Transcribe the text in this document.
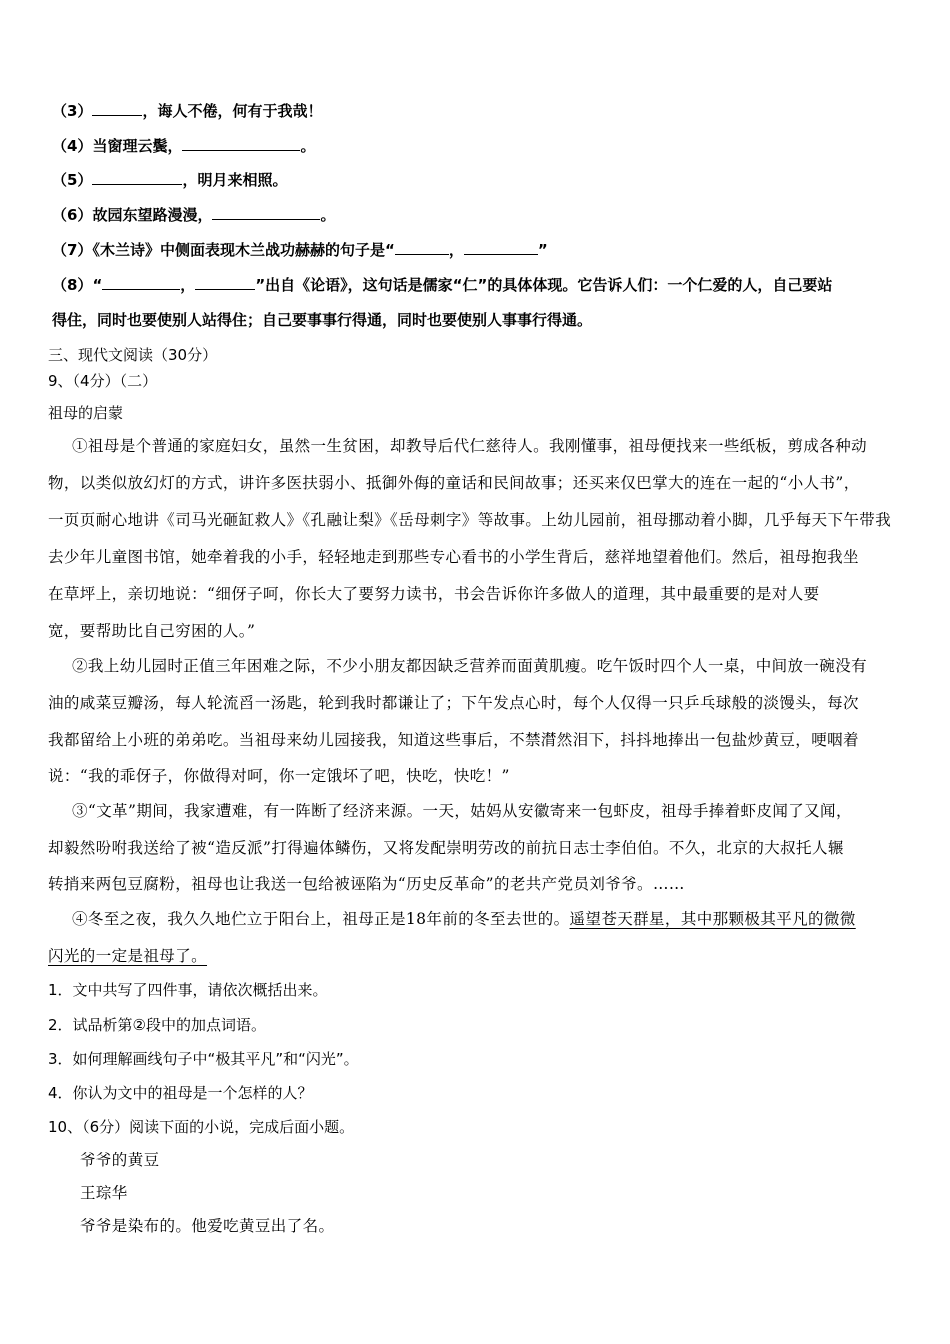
（3）	，诲人不倦，何有于我哉！
（4）当窗理云鬓，	。
（5）	，明月来相照。
（6）故园东望路漫漫，	。
（7）《木兰诗》中侧面表现木兰战功赫赫的句子是“	，	”
（8）“	，	”出自《论语》，这句话是儒家“仁”的具体体现。它告诉人们：一个仁爱的人，自己要站
得住，同时也要使别人站得住；自己要事事行得通，同时也要使别人事事行得通。
三、现代文阅读（30分）
9、（4分）（二）
祖母的启蒙
①祖母是个普通的家庭妇女，虽然一生贫困，却教导后代仁慈待人。我刚懂事，祖母便找来一些纸板，剪成各种动
物，以类似放幻灯的方式，讲许多医扶弱小、抵御外侮的童话和民间故事；还买来仅巴掌大的连在一起的“小人书”，
一页页耐心地讲《司马光砸缸救人》《孔融让梨》《岳母刺字》等故事。上幼儿园前，祖母挪动着小脚，几乎每天下午带我
去少年儿童图书馆，她牵着我的小手，轻轻地走到那些专心看书的小学生背后，慈祥地望着他们。然后，祖母抱我坐
在草坪上，亲切地说：“细伢子呵，你长大了要努力读书，书会告诉你许多做人的道理，其中最重要的是对人要
宽，要帮助比自己穷困的人。”
②我上幼儿园时正值三年困难之际，不少小朋友都因缺乏营养而面黄肌瘦。吃午饭时四个人一桌，中间放一碗没有
油的咸菜豆瓣汤，每人轮流舀一汤匙，轮到我时都谦让了；下午发点心时，每个人仅得一只乒乓球般的淡馒头，每次
我都留给上小班的弟弟吃。当祖母来幼儿园接我，知道这些事后，不禁潸然泪下，抖抖地捧出一包盐炒黄豆，哽咽着
说：“我的乖伢子，你做得对呵，你一定饿坏了吧，快吃，快吃！”
③“文革”期间，我家遭难，有一阵断了经济来源。一天，姑妈从安徽寄来一包虾皮，祖母手捧着虾皮闻了又闻，
却毅然吩咐我送给了被“造反派”打得遍体鳞伤，又将发配崇明劳改的前抗日志士李伯伯。不久，北京的大叔托人辗
转捎来两包豆腐粉，祖母也让我送一包给被诬陷为“历史反革命”的老共产党员刘爷爷。……
④冬至之夜，我久久地伫立于阳台上，祖母正是18年前的冬至去世的。遥望苍天群星，其中那颗极其平凡的微微
闪光的一定是祖母了。
1．文中共写了四件事，请依次概括出来。
2．试品析第②段中的加点词语。
3．如何理解画线句子中“极其平凡”和“闪光”。
4．你认为文中的祖母是一个怎样的人？
10、（6分）阅读下面的小说，完成后面小题。
爷爷的黄豆
王琮华
爷爷是染布的。他爱吃黄豆出了名。
